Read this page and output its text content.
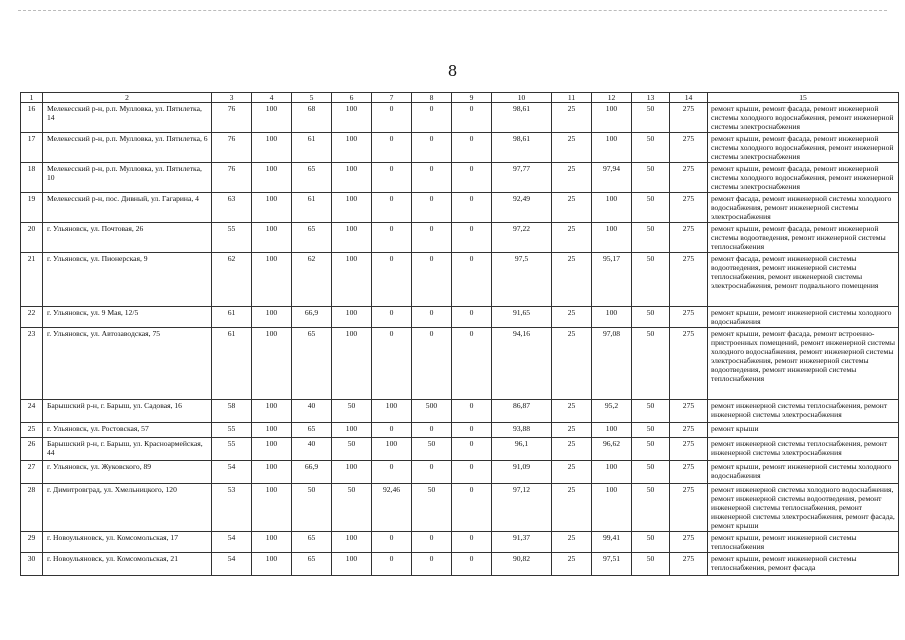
8
1	2	3	4	5	6	7	8	9	10	11	12	13	14	15
16	Мелекесский р-н, р.п. Мулловка, ул. Пятилетка, 14	76	100	68	100	0	0	0	98,61	25	100	50	275	ремонт крыши, ремонт фасада, ремонт инженерной системы холодного водоснабжения, ремонт инженерной системы электроснабжения
17	Мелекесский р-н, р.п. Мулловка, ул. Пятилетка, 6	76	100	61	100	0	0	0	98,61	25	100	50	275	ремонт крыши, ремонт фасада, ремонт инженерной системы холодного водоснабжения, ремонт инженерной системы электроснабжения
18	Мелекесский р-н, р.п. Мулловка, ул. Пятилетка, 10	76	100	65	100	0	0	0	97,77	25	97,94	50	275	ремонт крыши, ремонт фасада, ремонт инженерной системы холодного водоснабжения, ремонт инженерной системы электроснабжения
19	Мелекесский р-н, пос. Дивный, ул. Гагарина, 4	63	100	61	100	0	0	0	92,49	25	100	50	275	ремонт фасада, ремонт инженерной системы холодного водоснабжения, ремонт инженерной системы электроснабжения
20	г. Ульяновск, ул. Почтовая, 26	55	100	65	100	0	0	0	97,22	25	100	50	275	ремонт крыши, ремонт фасада, ремонт инженерной системы водоотведения, ремонт инженерной системы теплоснабжения
21	г. Ульяновск, ул. Пионерская, 9	62	100	62	100	0	0	0	97,5	25	95,17	50	275	ремонт фасада, ремонт инженерной системы водоотведения, ремонт инженерной системы теплоснабжения, ремонт инженерной системы электроснабжения, ремонт подвального помещения
22	г. Ульяновск, ул. 9 Мая, 12/5	61	100	66,9	100	0	0	0	91,65	25	100	50	275	ремонт крыши, ремонт инженерной системы холодного водоснабжения
23	г. Ульяновск, ул. Автозаводская, 75	61	100	65	100	0	0	0	94,16	25	97,08	50	275	ремонт крыши, ремонт фасада, ремонт встроенно-пристроенных помещений, ремонт инженерной системы холодного водоснабжения, ремонт инженерной системы электроснабжения, ремонт инженерной системы водоотведения, ремонт инженерной системы теплоснабжения
24	Барышский р-н, г. Барыш, ул. Садовая, 16	58	100	40	50	100	500	0	86,87	25	95,2	50	275	ремонт инженерной системы теплоснабжения, ремонт инженерной системы электроснабжения
25	г. Ульяновск, ул. Ростовская, 57	55	100	65	100	0	0	0	93,88	25	100	50	275	ремонт крыши
26	Барышский р-н, г. Барыш, ул. Красноармейская, 44	55	100	40	50	100	50	0	96,1	25	96,62	50	275	ремонт инженерной системы теплоснабжения, ремонт инженерной системы электроснабжения
27	г. Ульяновск, ул. Жуковского, 89	54	100	66,9	100	0	0	0	91,09	25	100	50	275	ремонт крыши, ремонт инженерной системы холодного водоснабжения
28	г. Димитровград, ул. Хмельницкого, 120	53	100	50	50	92,46	50	0	97,12	25	100	50	275	ремонт инженерной системы холодного водоснабжения, ремонт инженерной системы водоотведения, ремонт инженерной системы теплоснабжения, ремонт инженерной системы электроснабжения, ремонт фасада, ремонт крыши
29	г. Новоульяновск, ул. Комсомольская, 17	54	100	65	100	0	0	0	91,37	25	99,41	50	275	ремонт крыши, ремонт инженерной системы теплоснабжения
30	г. Новоульяновск, ул. Комсомольская, 21	54	100	65	100	0	0	0	90,82	25	97,51	50	275	ремонт крыши, ремонт инженерной системы теплоснабжения, ремонт фасада
